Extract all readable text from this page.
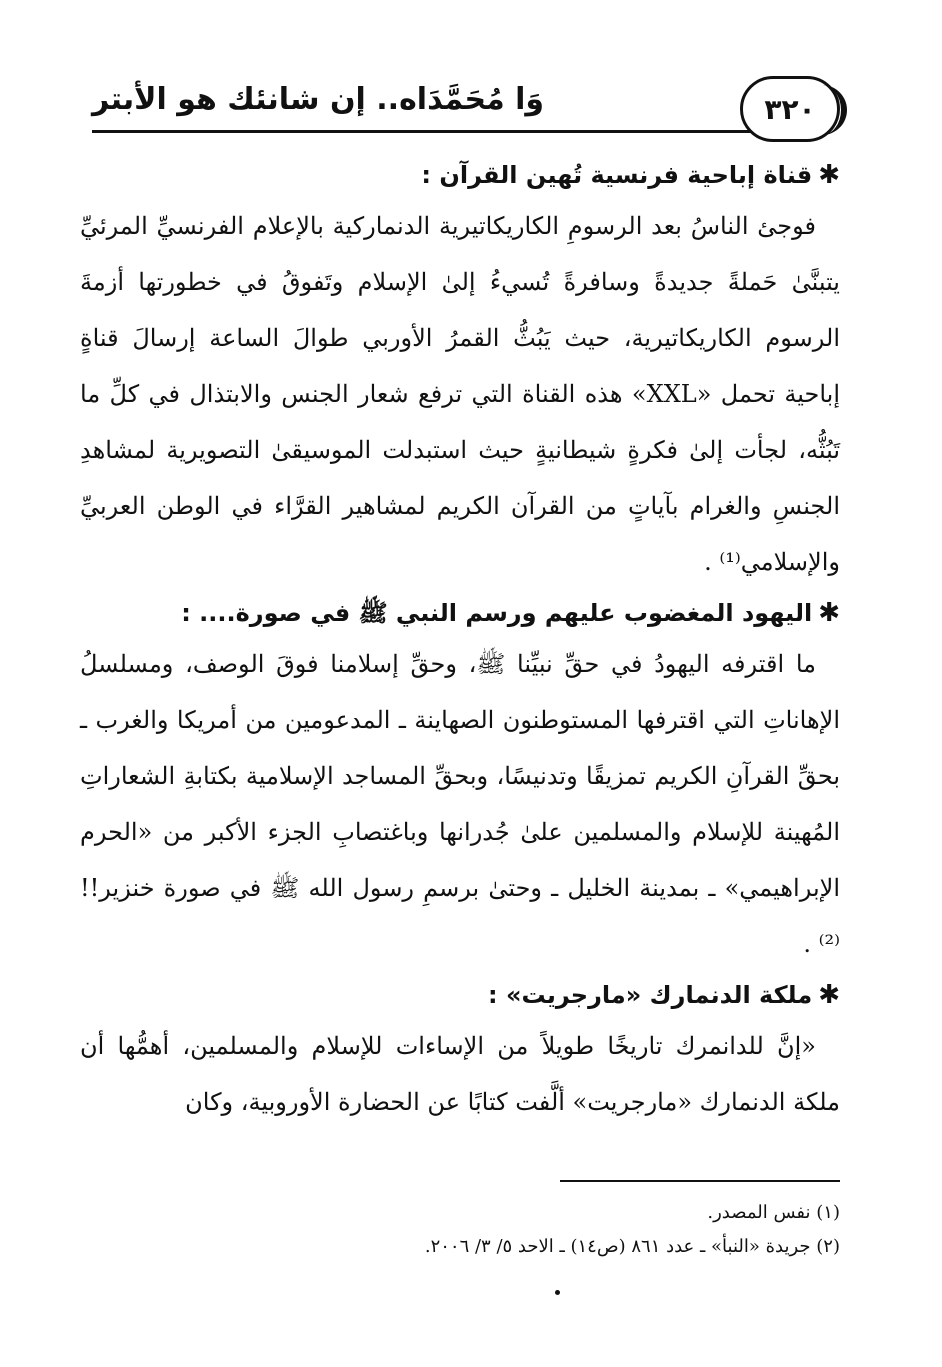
وَا مُحَمَّدَاه.. إن شانئك هو الأبتر	٣٢٠
✱قناة إباحية فرنسية تُهين القرآن :

فوجئ الناسُ بعد الرسومِ الكاريكاتيرية الدنماركية بالإعلام الفرنسيِّ المرئيِّ يتبنَّىٰ حَملةً جديدةً وسافرةً تُسيءُ إلىٰ الإسلام وتَفوقُ في خطورتها أزمةَ الرسوم الكاريكاتيرية، حيث يَبُثُّ القمرُ الأوربي طوالَ الساعة إرسالَ قناةٍ إباحية تحمل «XXL» هذه القناة التي ترفع شعار الجنس والابتذال في كلِّ ما تَبُثُّه، لجأت إلىٰ فكرةٍ شيطانيةٍ حيث استبدلت الموسيقىٰ التصويرية لمشاهدِ الجنسِ والغرام بآياتٍ من القرآن الكريم لمشاهير القرَّاء في الوطن العربيِّ والإسلامي⁽¹⁾ .

✱اليهود المغضوب عليهم ورسم النبي ﷺ في صورة.... :

ما اقترفه اليهودُ في حقِّ نبيِّنا ﷺ، وحقِّ إسلامنا فوقَ الوصف، ومسلسلُ الإهاناتِ التي اقترفها المستوطنون الصهاينة ـ المدعومين من أمريكا والغرب ـ بحقِّ القرآنِ الكريم تمزيقًا وتدنيسًا، وبحقِّ المساجد الإسلامية بكتابةِ الشعاراتِ المُهينة للإسلام والمسلمين علىٰ جُدرانها وباغتصابِ الجزء الأكبر من «الحرم الإبراهيمي» ـ بمدينة الخليل ـ وحتىٰ برسمِ رسول الله ﷺ في صورة خنزير!!⁽²⁾ .

✱ملكة الدنمارك «مارجريت» :

«إنَّ للدانمرك تاريخًا طويلاً من الإساءات للإسلام والمسلمين، أهمُّها أن ملكة الدنمارك «مارجريت» ألَّفت كتابًا عن الحضارة الأوروبية، وكان

(١) نفس المصدر.

(٢) جريدة «النبأ» ـ عدد ٨٦١ (ص١٤) ـ الاحد ٥/ ٣/ ٢٠٠٦.
